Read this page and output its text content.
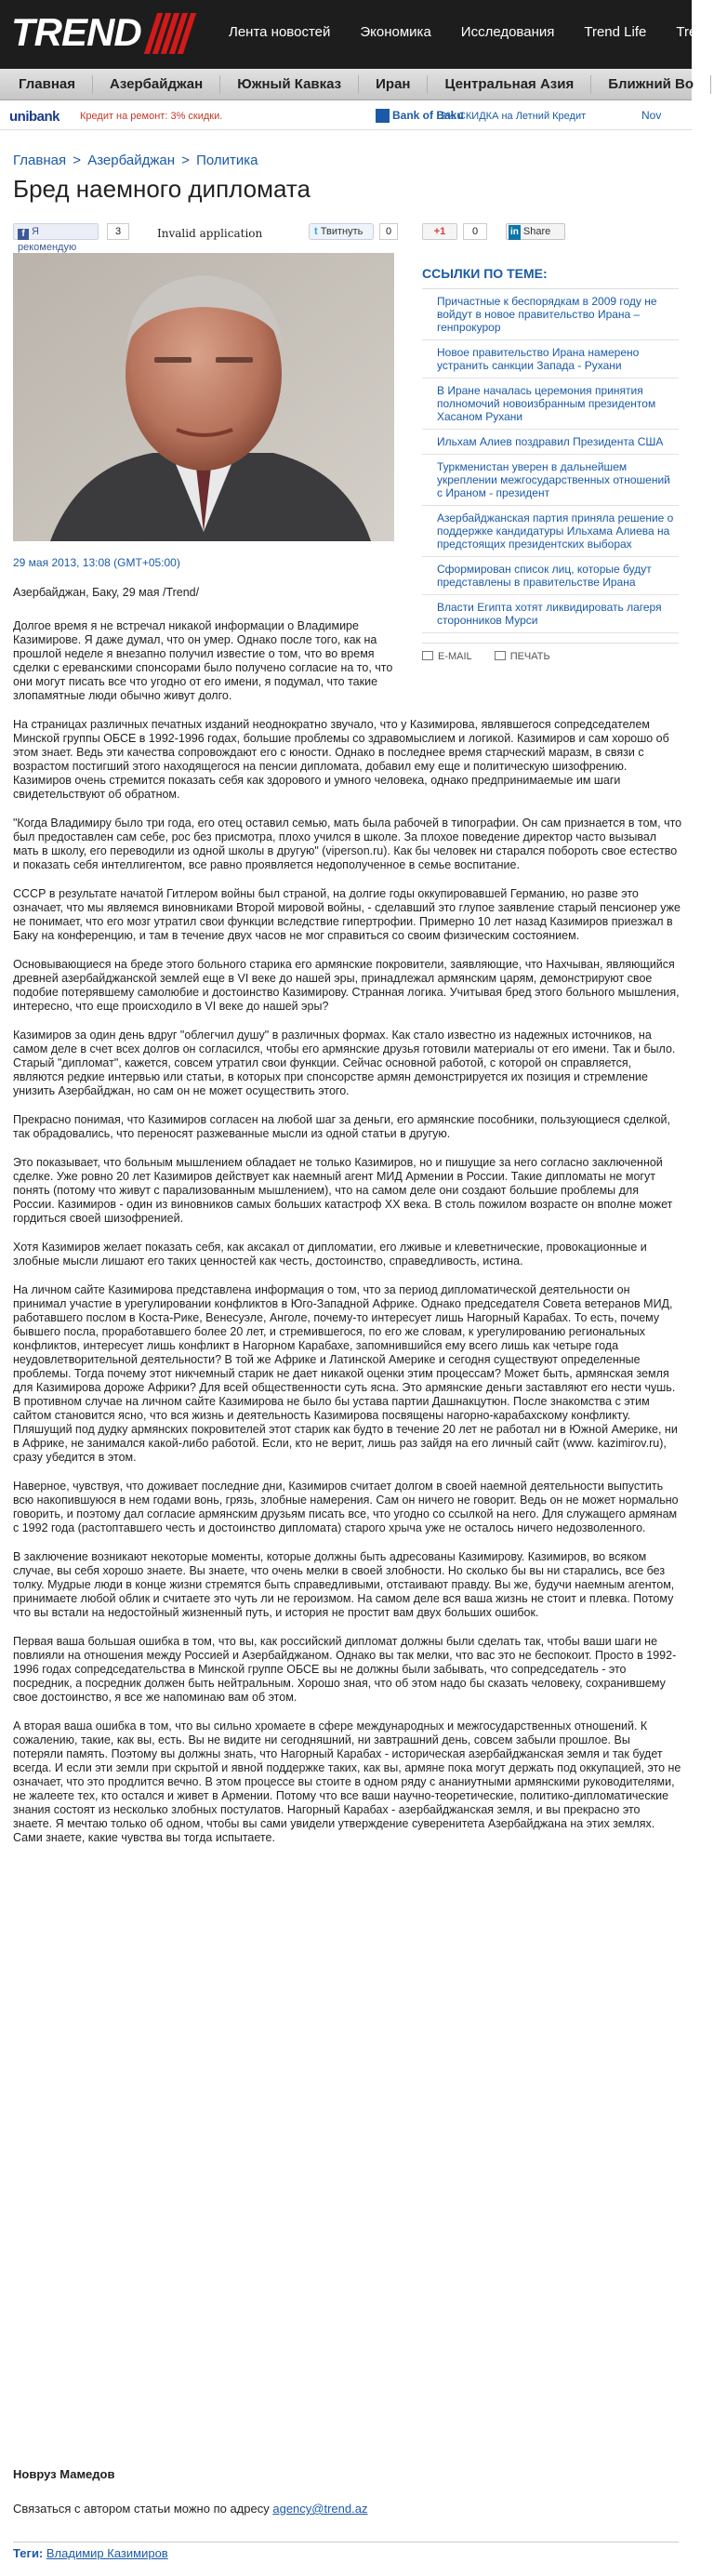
TREND	Лента новостей	Экономика	Исследования	Trend Life	Trend
Главная	Азербайджан	Южный Кавказ	Иран	Центральная Азия	Ближний Во
unibank Кредит на ремонт: 3% скидки.	Bank of Baku
3% СКИДКА на Летний Кредит	Nov
Главная > Азербайджан > Политика
Бред наемного дипломата
f Я рекомендую
3	Invalid application	t Твитнуть	0	+1	0	in Share
29 мая 2013, 13:08 (GMT+05:00)

Азербайджан, Баку, 29 мая /Trend/

Долгое время я не встречал никакой информации о Владимире Казимирове. Я даже думал, что он умер. Однако после того, как на прошлой неделе я внезапно получил известие о том, что во время сделки с ереванскими спонсорами было получено согласие на то, что они могут писать все что угодно от его имени, я подумал, что такие злопамятные люди обычно живут долго.

На страницах различных печатных изданий неоднократно звучало, что у Казимирова, являвшегося сопредседателем Минской группы ОБСЕ в 1992-1996 годах, большие проблемы со здравомыслием и логикой. Казимиров и сам хорошо об этом знает. Ведь эти качества сопровождают его с юности. Однако в последнее время старческий маразм, в связи с возрастом постигший этого находящегося на пенсии дипломата, добавил ему еще и политическую шизофрению. Казимиров очень стремится показать себя как здорового и умного человека, однако предпринимаемые им шаги свидетельствуют об обратном.

"Когда Владимиру было три года, его отец оставил семью, мать была рабочей в типографии. Он сам признается в том, что был предоставлен сам себе, рос без присмотра, плохо учился в школе. За плохое поведение директор часто вызывал мать в школу, его переводили из одной школы в другую" (viperson.ru). Как бы человек ни старался побороть свое естество и показать себя интеллигентом, все равно проявляется недополученное в семье воспитание.

СССР в результате начатой Гитлером войны был страной, на долгие годы оккупировавшей Германию, но разве это означает, что мы являемся виновниками Второй мировой войны, - сделавший это глупое заявление старый пенсионер уже не понимает, что его мозг утратил свои функции вследствие гипертрофии. Примерно 10 лет назад Казимиров приезжал в Баку на конференцию, и там в течение двух часов не мог справиться со своим физическим состоянием.

Основывающиеся на бреде этого больного старика его армянские покровители, заявляющие, что Нахчыван, являющийся древней азербайджанской землей еще в VI веке до нашей эры, принадлежал армянским царям, демонстрируют свое подобие потерявшему самолюбие и достоинство Казимирову. Странная логика. Учитывая бред этого больного мышления, интересно, что еще происходило в VI веке до нашей эры?

Казимиров за один день вдруг "облегчил душу" в различных формах. Как стало известно из надежных источников, на самом деле в счет всех долгов он согласился, чтобы его армянские друзья готовили материалы от его имени. Так и было. Старый "дипломат", кажется, совсем утратил свои функции. Сейчас основной работой, с которой он справляется, являются редкие интервью или статьи, в которых при спонсорстве армян демонстрируется их позиция и стремление унизить Азербайджан, но сам он не может осуществить этого.

Прекрасно понимая, что Казимиров согласен на любой шаг за деньги, его армянские пособники, пользующиеся сделкой, так обрадовались, что переносят разжеванные мысли из одной статьи в другую.

Это показывает, что больным мышлением обладает не только Казимиров, но и пишущие за него согласно заключенной сделке. Уже ровно 20 лет Казимиров действует как наемный агент МИД Армении в России. Такие дипломаты не могут понять (потому что живут с парализованным мышлением), что на самом деле они создают большие проблемы для России. Казимиров - один из виновников самых больших катастроф XX века. В столь пожилом возрасте он вполне может гордиться своей шизофренией.

Хотя Казимиров желает показать себя, как аксакал от дипломатии, его лживые и клеветнические, провокационные и злобные мысли лишают его таких ценностей как честь, достоинство, справедливость, истина.

На личном сайте Казимирова представлена информация о том, что за период дипломатической деятельности он принимал участие в урегулировании конфликтов в Юго-Западной Африке. Однако председателя Совета ветеранов МИД, работавшего послом в Коста-Рике, Венесуэле, Анголе, почему-то интересует лишь Нагорный Карабах. То есть, почему бывшего посла, проработавшего более 20 лет, и стремившегося, по его же словам, к урегулированию региональных конфликтов, интересует лишь конфликт в Нагорном Карабахе, запомнившийся ему всего лишь как четыре года неудовлетворительной деятельности? В той же Африке и Латинской Америке и сегодня существуют определенные проблемы. Тогда почему этот никчемный старик не дает никакой оценки этим процессам? Может быть, армянская земля для Казимирова дороже Африки? Для всей общественности суть ясна. Это армянские деньги заставляют его нести чушь. В противном случае на личном сайте Казимирова не было бы устава партии Дашнакцутюн. После знакомства с этим сайтом становится ясно, что вся жизнь и деятельность Казимирова посвящены нагорно-карабахскому конфликту. Пляшущий под дудку армянских покровителей этот старик как будто в течение 20 лет не работал ни в Южной Америке, ни в Африке, не занимался какой-либо работой. Если, кто не верит, лишь раз зайдя на его личный сайт (www. kazimirov.ru), сразу убедится в этом.

Наверное, чувствуя, что доживает последние дни, Казимиров считает долгом в своей наемной деятельности выпустить всю накопившуюся в нем годами вонь, грязь, злобные намерения. Сам он ничего не говорит. Ведь он не может нормально говорить, и поэтому дал согласие армянским друзьям писать все, что угодно со ссылкой на него. Для служащего армянам с 1992 года (растоптавшего честь и достоинство дипломата) старого хрыча уже не осталось ничего недозволенного.

В заключение возникают некоторые моменты, которые должны быть адресованы Казимирову. Казимиров, во всяком случае, вы себя хорошо знаете. Вы знаете, что очень мелки в своей злобности. Но сколько бы вы ни старались, все без толку. Мудрые люди в конце жизни стремятся быть справедливыми, отстаивают правду. Вы же, будучи наемным агентом, принимаете любой облик и считаете это чуть ли не героизмом. На самом деле вся ваша жизнь не стоит и плевка. Потому что вы встали на недостойный жизненный путь, и история не простит вам двух больших ошибок.

Первая ваша большая ошибка в том, что вы, как российский дипломат должны были сделать так, чтобы ваши шаги не повлияли на отношения между Россией и Азербайджаном. Однако вы так мелки, что вас это не беспокоит. Просто в 1992-1996 годах сопредседательства в Минской группе ОБСЕ вы не должны были забывать, что сопредседатель - это посредник, а посредник должен быть нейтральным. Хорошо зная, что об этом надо бы сказать человеку, сохранившему свое достоинство, я все же напоминаю вам об этом.

А вторая ваша ошибка в том, что вы сильно хромаете в сфере международных и межгосударственных отношений. К сожалению, такие, как вы, есть. Вы не видите ни сегодняшний, ни завтрашний день, совсем забыли прошлое. Вы потеряли память. Поэтому вы должны знать, что Нагорный Карабах - историческая азербайджанская земля и так будет всегда. И если эти земли при скрытой и явной поддержке таких, как вы, армяне пока могут держать под оккупацией, это не означает, что это продлится вечно. В этом процессе вы стоите в одном ряду с ананиутными армянскими руководителями, не жалеете тех, кто остался и живет в Армении. Потому что все ваши научно-теоретические, политико-дипломатические знания состоят из несколько злобных постулатов. Нагорный Карабах - азербайджанская земля, и вы прекрасно это знаете. Я мечтаю только об одном, чтобы вы сами увидели утверждение суверенитета Азербайджана на этих землях. Сами знаете, какие чувства вы тогда испытаете.

Новруз Мамедов
Связаться с автором статьи можно по адресу agency@trend.az
Теги: Владимир Казимиров
ССЫЛКИ ПО ТЕМЕ:
Причастные к беспорядкам в 2009 году не войдут в новое правительство Ирана – генпрокурор
Новое правительство Ирана намерено устранить санкции Запада - Рухани
В Иране началась церемония принятия полномочий новоизбранным президентом Хасаном Рухани
Ильхам Алиев поздравил Президента США
Туркменистан уверен в дальнейшем укреплении межгосударственных отношений с Ираном - президент
Азербайджанская партия приняла решение о поддержке кандидатуры Ильхама Алиева на предстоящих президентских выборах
Сформирован список лиц, которые будут представлены в правительстве Ирана
Власти Египта хотят ликвидировать лагеря сторонников Мурси
E-MAIL	ПЕЧАТЬ
